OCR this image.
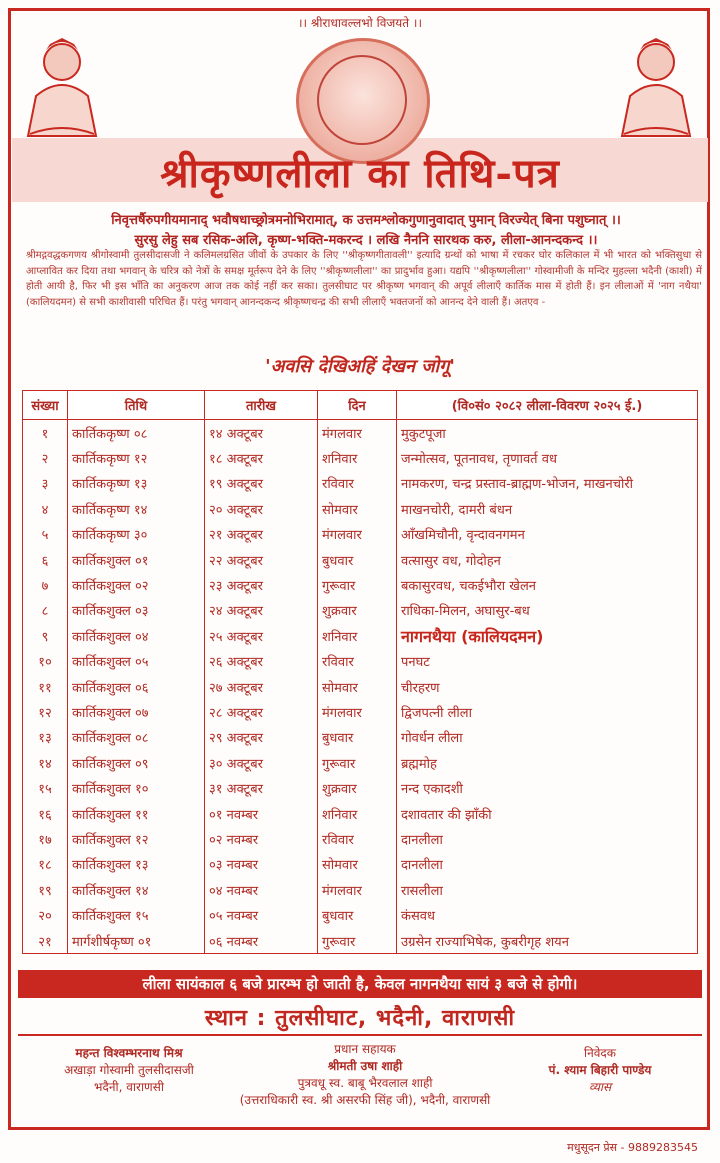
।। श्रीराधावल्लभो विजयते ।।
श्रीकृष्णलीला का तिथि-पत्र
निवृत्तर्षैरुपगीयमानाद् भवौषधाच्छ्रोत्रमनोभिरामात्, क उत्तमश्लोकगुणानुवादात् पुमान् विरज्येत् बिना पशुघ्नात् ।।
सुरसु लेहु सब रसिक-अलि, कृष्ण-भक्ति-मकरन्द । लखि नैननि सारथक करु, लीला-आनन्दकन्द ।।
श्रीमद्गवद्धकगणय श्रीगोस्वामी तुलसीदासजी ने कलिमलग्रसित जीवों के उपकार के लिए ''श्रीकृष्णगीतावली'' इत्यादि ग्रन्थों को भाषा में रचकर घोर कलिकाल में भी भारत को भक्तिसुधा से आप्लावित कर दिया तथा भगवान् के चरित्र को नेत्रों के समक्ष मूर्तरूप देने के लिए ''श्रीकृष्णलीला'' का प्रादुर्भाव हुआ। यद्यपि ''श्रीकृष्णलीला'' गोस्वामीजी के मन्दिर मुहल्ला भदैनी (काशी) में होती आयी है, फिर भी इस भाँति का अनुकरण आज तक कोई नहीं कर सका। तुलसीघाट पर श्रीकृष्ण भगवान् की अपूर्व लीलाएँ कार्तिक मास में होती हैं। इन लीलाओं में 'नाग नथैया' (कालियदमन) से सभी काशीवासी परिचित हैं। परंतु भगवान् आनन्दकन्द श्रीकृष्णचन्द्र की सभी लीलाएँ भक्तजनों को आनन्द देने वाली हैं। अतएव -
'अवसि देखिअहिं देखन जोगू'
संख्या	तिथि	तारीख	दिन	(वि०सं० २०८२ लीला-विवरण २०२५ ई.)
१	कार्तिककृष्ण ०८	१४ अक्टूबर	मंगलवार	मुकुटपूजा
२	कार्तिककृष्ण १२	१८ अक्टूबर	शनिवार	जन्मोत्सव, पूतनावध, तृणावर्त वध
३	कार्तिककृष्ण १३	१९ अक्टूबर	रविवार	नामकरण, चन्द्र प्रस्ताव-ब्राह्मण-भोजन, माखनचोरी
४	कार्तिककृष्ण १४	२० अक्टूबर	सोमवार	माखनचोरी, दामरी बंधन
५	कार्तिककृष्ण ३०	२१ अक्टूबर	मंगलवार	आँखमिचौनी, वृन्दावनगमन
६	कार्तिकशुक्ल ०१	२२ अक्टूबर	बुधवार	वत्सासुर वध, गोदोहन
७	कार्तिकशुक्ल ०२	२३ अक्टूबर	गुरूवार	बकासुरवध, चकईभौरा खेलन
८	कार्तिकशुक्ल ०३	२४ अक्टूबर	शुक्रवार	राधिका-मिलन, अघासुर-बध
९	कार्तिकशुक्ल ०४	२५ अक्टूबर	शनिवार	नागनथैया (कालियदमन)
१०	कार्तिकशुक्ल ०५	२६ अक्टूबर	रविवार	पनघट
११	कार्तिकशुक्ल ०६	२७ अक्टूबर	सोमवार	चीरहरण
१२	कार्तिकशुक्ल ०७	२८ अक्टूबर	मंगलवार	द्विजपत्नी लीला
१३	कार्तिकशुक्ल ०८	२९ अक्टूबर	बुधवार	गोवर्धन लीला
१४	कार्तिकशुक्ल ०९	३० अक्टूबर	गुरूवार	ब्रह्ममोह
१५	कार्तिकशुक्ल १०	३१ अक्टूबर	शुक्रवार	नन्द एकादशी
१६	कार्तिकशुक्ल ११	०१ नवम्बर	शनिवार	दशावतार की झाँकी
१७	कार्तिकशुक्ल १२	०२ नवम्बर	रविवार	दानलीला
१८	कार्तिकशुक्ल १३	०३ नवम्बर	सोमवार	दानलीला
१९	कार्तिकशुक्ल १४	०४ नवम्बर	मंगलवार	रासलीला
२०	कार्तिकशुक्ल १५	०५ नवम्बर	बुधवार	कंसवध
२१	मार्गशीर्षकृष्ण ०१	०६ नवम्बर	गुरूवार	उग्रसेन राज्याभिषेक, कुबरीगृह शयन
लीला सायंकाल ६ बजे प्रारम्भ हो जाती है, केवल नागनथैया सायं ३ बजे से होगी।
स्थान : तुलसीघाट, भदैनी, वाराणसी
महन्त विश्वम्भरनाथ मिश्र
अखाड़ा गोस्वामी तुलसीदासजी
भदैनी, वाराणसी
प्रधान सहायक
श्रीमती उषा शाही
पुत्रवधू स्व. बाबू भैरवलाल शाही
(उत्तराधिकारी स्व. श्री असरफी सिंह जी), भदैनी, वाराणसी
निवेदक
पं. श्याम बिहारी पाण्डेय
व्यास
मधुसूदन प्रेस - 9889283545
